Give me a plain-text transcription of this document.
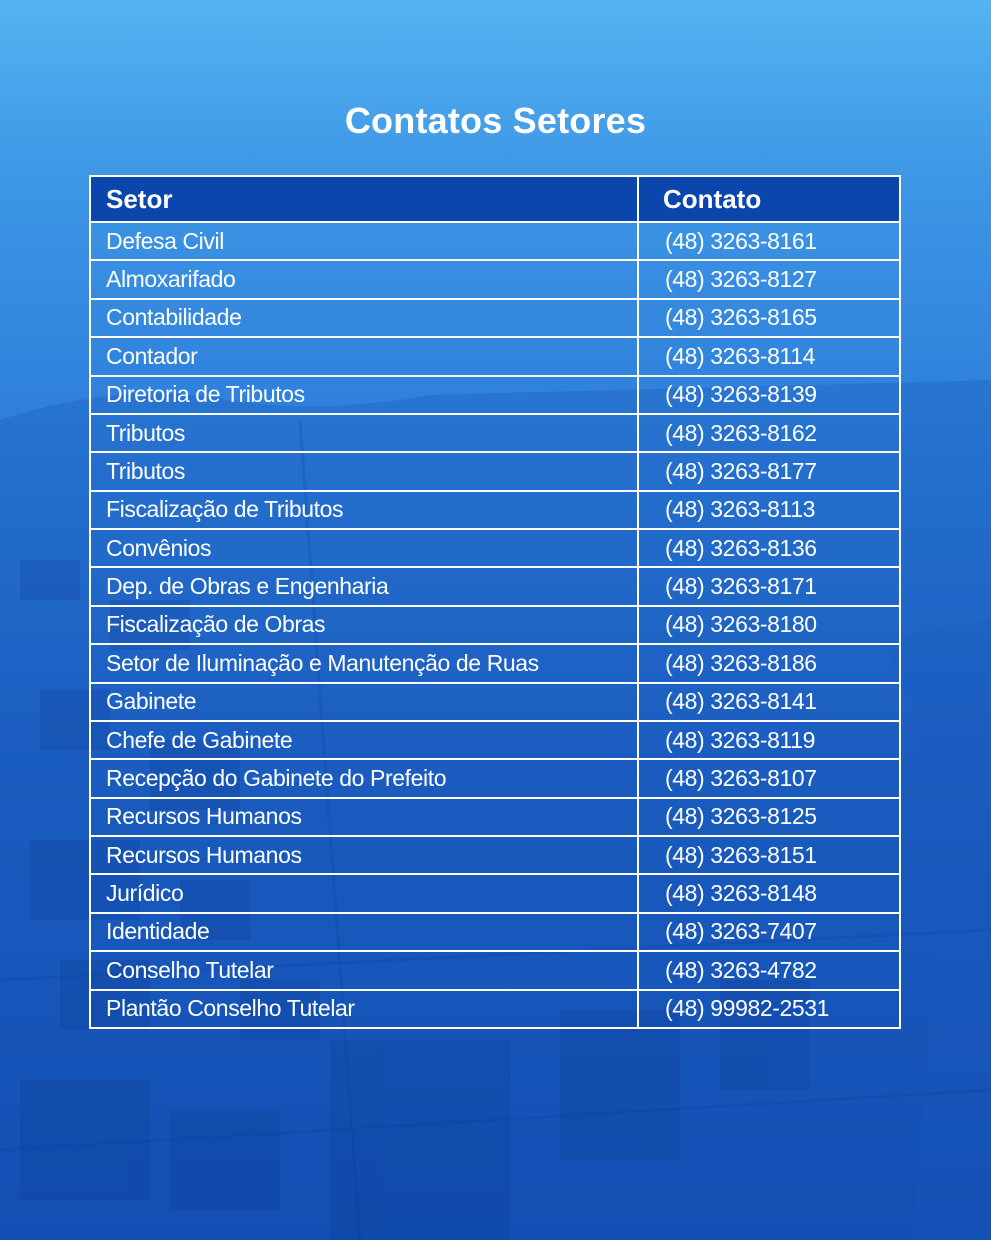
Contatos Setores
Setor	Contato
Defesa Civil	(48) 3263-8161
Almoxarifado	(48) 3263-8127
Contabilidade	(48) 3263-8165
Contador	(48) 3263-8114
Diretoria de Tributos	(48) 3263-8139
Tributos	(48) 3263-8162
Tributos	(48) 3263-8177
Fiscalização de Tributos	(48) 3263-8113
Convênios	(48) 3263-8136
Dep. de Obras e Engenharia	(48) 3263-8171
Fiscalização de Obras	(48) 3263-8180
Setor de Iluminação e Manutenção de Ruas	(48) 3263-8186
Gabinete	(48) 3263-8141
Chefe de Gabinete	(48) 3263-8119
Recepção do Gabinete do Prefeito	(48) 3263-8107
Recursos Humanos	(48) 3263-8125
Recursos Humanos	(48) 3263-8151
Jurídico	(48) 3263-8148
Identidade	(48) 3263-7407
Conselho Tutelar	(48) 3263-4782
Plantão Conselho Tutelar	(48) 99982-2531
